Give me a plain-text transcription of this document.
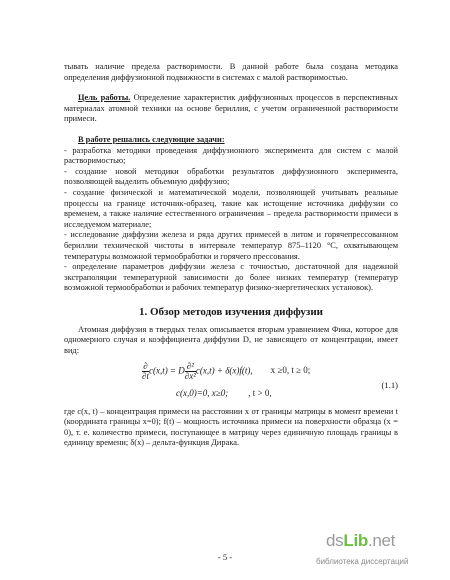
тывать наличие предела растворимости. В данной работе была создана методика определения диффузионной подвижности в системах с малой растворимостью.

Цель работы. Определение характеристик диффузионных процессов в перспективных материалах атомной техники на основе бериллия, с учетом ограниченной растворимости примеси.

В работе решались следующие задачи:

- разработка методики проведения диффузионного эксперимента для систем с малой растворимостью;

- создание новой методики обработки результатов диффузионного эксперимента, позволяющей выделить объемную диффузию;

- создание физической и математической модели, позволяющей учитывать реальные процессы на границе источник-образец, такие как истощение источника диффузии со временем, а также наличие естественного ограничения – предела растворимости примеси в исследуемом материале;

- исследование диффузии железа и ряда других примесей в литом и горячепрессованном бериллии технической чистоты в интервале температур 875–1120 °C, охватывающем температуры возможной термообработки и горячего прессования.

- определение параметров диффузии железа с точностью, достаточной для надежной экстраполяции температурной зависимости до более низких температур (температур возможной термообработки и рабочих температур физико-энергетических установок).

1. Обзор методов изучения диффузии

Атомная диффузия в твердых телах описывается вторым уравнением Фика, которое для одномерного случая и коэффициента диффузии D, не зависящего от концентрации, имеет вид:

$\frac{\partial}{\partial t} c(x,t) = D \frac{\text{∂²}}{\text{∂x²}} c(x,t) + \delta(x)f(t)$, x ≥0, t ≥ 0;
c(x,0)=0, x≥0; , t > 0,
(1.1)

где c(x, t) – концентрация примеси на расстоянии x от границы матрицы в момент времени t (координата границы x=0); f(t) – мощность источника примеси на поверхности образца (x = 0), т. е. количество примеси, поступающее в матрицу через единичную площадь границы в единицу времени; δ(x) – дельта-функция Дирака.

- 5 -
dsLib.net
библиотека диссертаций
